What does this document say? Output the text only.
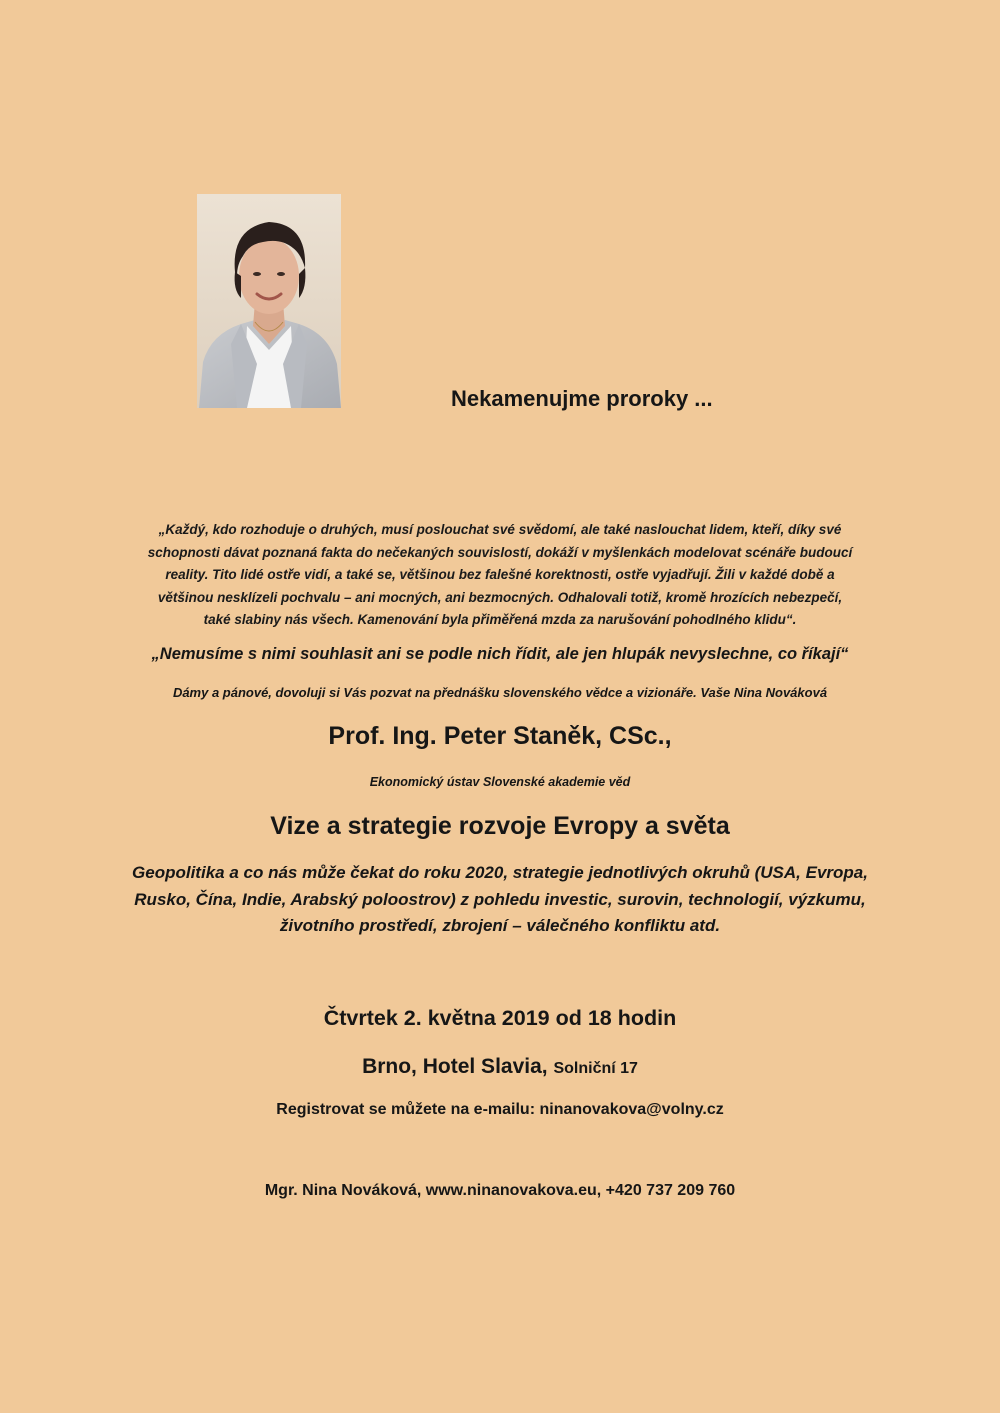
Nekamenujme proroky ...
„Každý, kdo rozhoduje o druhých, musí poslouchat své svědomí, ale také naslouchat lidem, kteří, díky své
schopnosti dávat poznaná fakta do nečekaných souvislostí, dokáží v myšlenkách modelovat scénáře budoucí
reality. Tito lidé ostře vidí, a také se, většinou bez falešné korektnosti, ostře vyjadřují. Žili v každé době a
většinou nesklízeli pochvalu – ani mocných, ani bezmocných. Odhalovali totiž, kromě hrozících nebezpečí,
také slabiny nás všech. Kamenování byla přiměřená mzda za narušování pohodlného klidu“.
„Nemusíme s nimi souhlasit ani se podle nich řídit, ale jen hlupák nevyslechne, co říkají“
Dámy a pánové, dovoluji si Vás pozvat na přednášku slovenského vědce a vizionáře. Vaše Nina Nováková
Prof. Ing. Peter Staněk, CSc.,
Ekonomický ústav Slovenské akademie věd
Vize a strategie rozvoje Evropy a světa
Geopolitika a co nás může čekat do roku 2020, strategie jednotlivých okruhů (USA, Evropa,
Rusko, Čína, Indie, Arabský poloostrov) z pohledu investic, surovin, technologií, výzkumu,
životního prostředí, zbrojení – válečného konfliktu atd.
Čtvrtek 2. května 2019 od 18 hodin
Brno, Hotel Slavia, Solniční 17
Registrovat se můžete na e-mailu: ninanovakova@volny.cz
Mgr. Nina Nováková, www.ninanovakova.eu, +420 737 209 760
